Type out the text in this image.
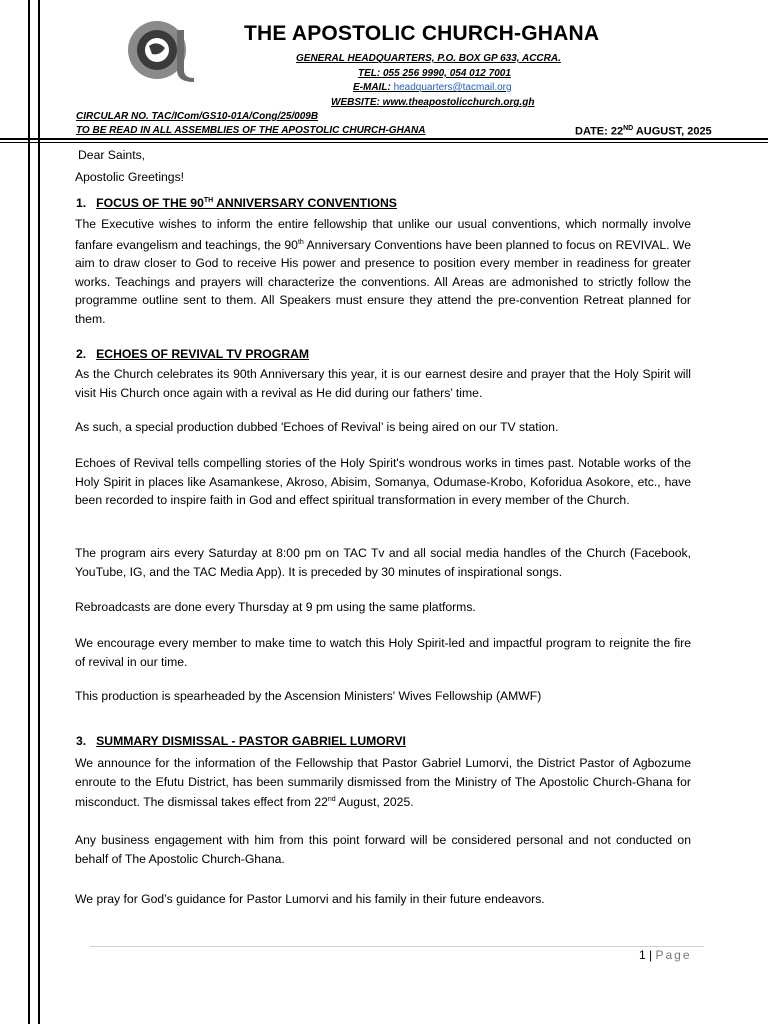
a
THE APOSTOLIC CHURCH-GHANA
GENERAL HEADQUARTERS, P.O. BOX GP 633, ACCRA.
TEL: 055 256 9990, 054 012 7001
E-MAIL: headquarters@tacmail.org
WEBSITE: www.theapostolicchurch.org.gh
CIRCULAR NO. TAC/ICom/GS10-01A/Cong/25/009B
TO BE READ IN ALL ASSEMBLIES OF THE APOSTOLIC CHURCH-GHANA	DATE: 22ND AUGUST, 2025
Dear Saints,
Apostolic Greetings!
1. FOCUS OF THE 90TH ANNIVERSARY CONVENTIONS
The Executive wishes to inform the entire fellowship that unlike our usual conventions, which normally involve fanfare evangelism and teachings, the 90th Anniversary Conventions have been planned to focus on REVIVAL. We aim to draw closer to God to receive His power and presence to position every member in readiness for greater works. Teachings and prayers will characterize the conventions. All Areas are admonished to strictly follow the programme outline sent to them. All Speakers must ensure they attend the pre-convention Retreat planned for them.
2. ECHOES OF REVIVAL TV PROGRAM
As the Church celebrates its 90th Anniversary this year, it is our earnest desire and prayer that the Holy Spirit will visit His Church once again with a revival as He did during our fathers’ time.
As such, a special production dubbed 'Echoes of Revival’ is being aired on our TV station.
Echoes of Revival tells compelling stories of the Holy Spirit's wondrous works in times past. Notable works of the Holy Spirit in places like Asamankese, Akroso, Abisim, Somanya, Odumase-Krobo, Koforidua Asokore, etc., have been recorded to inspire faith in God and effect spiritual transformation in every member of the Church.
The program airs every Saturday at 8:00 pm on TAC Tv and all social media handles of the Church (Facebook, YouTube, IG, and the TAC Media App). It is preceded by 30 minutes of inspirational songs.
Rebroadcasts are done every Thursday at 9 pm using the same platforms.
We encourage every member to make time to watch this Holy Spirit-led and impactful program to reignite the fire of revival in our time.
This production is spearheaded by the Ascension Ministers' Wives Fellowship (AMWF)
3. SUMMARY DISMISSAL - PASTOR GABRIEL LUMORVI
We announce for the information of the Fellowship that Pastor Gabriel Lumorvi, the District Pastor of Agbozume enroute to the Efutu District, has been summarily dismissed from the Ministry of The Apostolic Church-Ghana for misconduct. The dismissal takes effect from 22nd August, 2025.
Any business engagement with him from this point forward will be considered personal and not conducted on behalf of The Apostolic Church-Ghana.
We pray for God’s guidance for Pastor Lumorvi and his family in their future endeavors.
1 | Page
